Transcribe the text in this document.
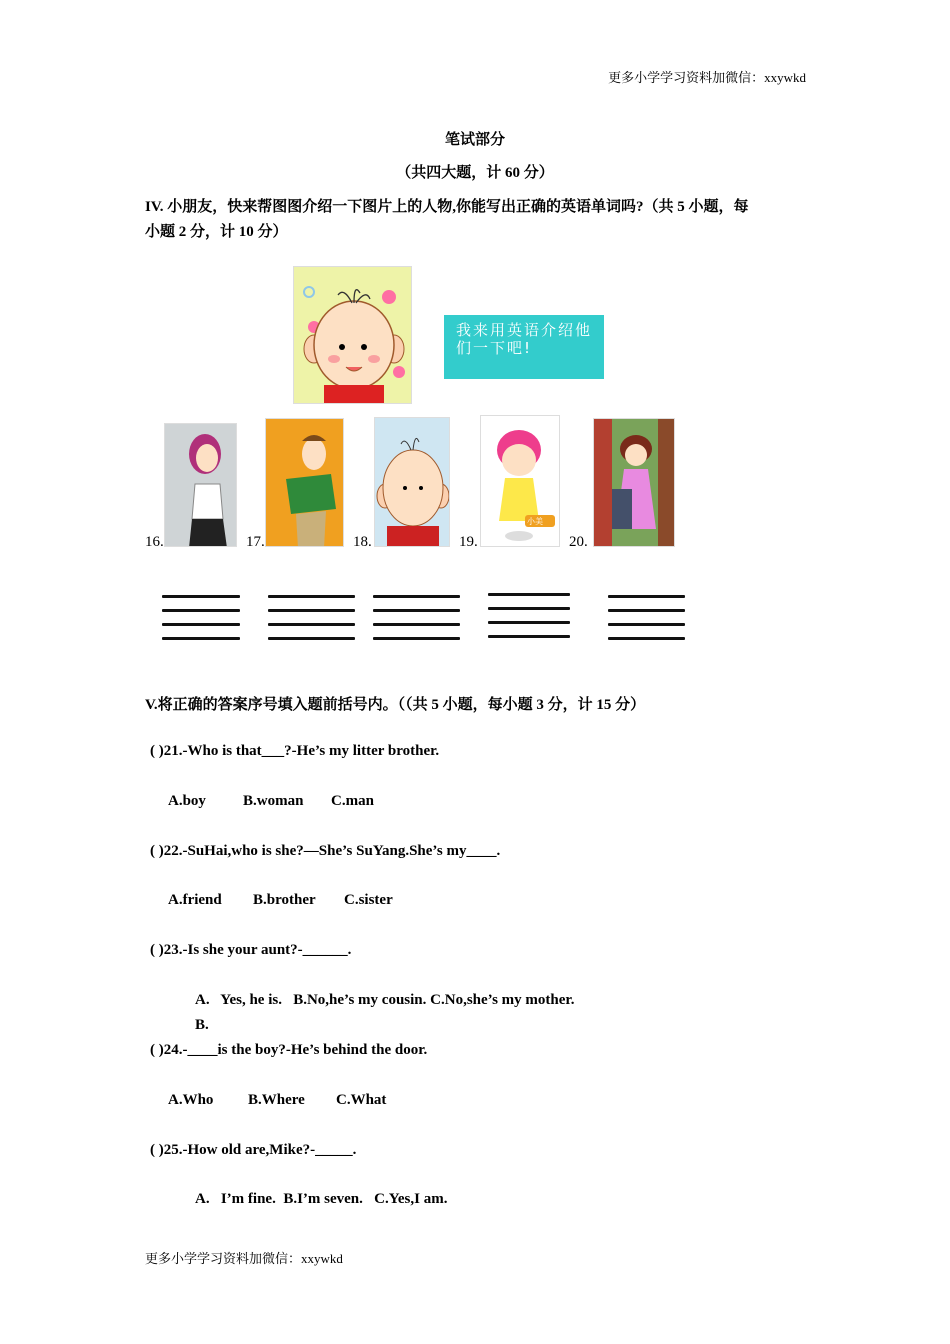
更多小学学习资料加微信：xxywkd
笔试部分
（共四大题，计 60 分）
IV. 小朋友，快来帮图图介绍一下图片上的人物,你能写出正确的英语单词吗?（共 5 小题，每
小题 2 分，计 10 分）
我来用英语介绍他们一下吧!
16.	17.	18.	19.
小美
20.
V.将正确的答案序号填入题前括号内。（（共 5 小题，每小题 3 分，计 15 分）
( )21.-Who is that___?-He’s my litter brother.
A.boy B.woman C.man
( )22.-SuHai,who is she?—She’s SuYang.She’s my____.
A.friend B.brother C.sister
( )23.-Is she your aunt?-______.
A.   Yes, he is.   B.No,he’s my cousin. C.No,she’s my mother.
B.
( )24.-____is the boy?-He’s behind the door.
A.Who B.Where C.What
( )25.-How old are,Mike?-_____.
A.   I’m fine.  B.I’m seven.   C.Yes,I am.
更多小学学习资料加微信：xxywkd
